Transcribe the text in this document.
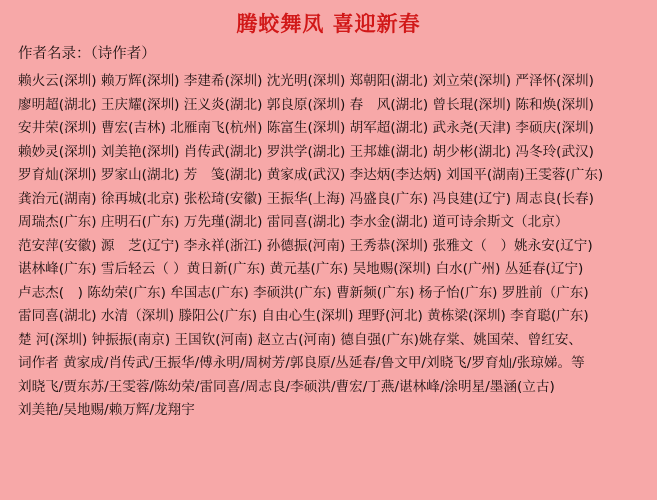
腾蛟舞凤 喜迎新春
作者名录：（诗作者）
赖火云(深圳) 赖万辉(深圳) 李建希(深圳) 沈光明(深圳) 郑朝阳(湖北) 刘立荣(深圳) 严泽怀(深圳)
廖明超(湖北) 王庆耀(深圳) 汪义炎(湖北) 郭良原(深圳) 春　风(湖北) 曾长琨(深圳) 陈和焕(深圳)
安井荣(深圳) 曹宏(吉林) 北雁南飞(杭州) 陈富生(深圳) 胡军超(湖北) 武永尧(天津) 李硕庆(深圳)
赖妙灵(深圳) 刘美艳(深圳) 肖传武(湖北) 罗洪学(湖北) 王邦雄(湖北) 胡少彬(湖北) 冯冬玲(武汉)
罗育灿(深圳) 罗家山(湖北) 芳　笺(湖北) 黄家成(武汉) 李达炳(李达炳) 刘国平(湖南)王雯蓉(广东)
龚治元(湖南) 徐再城(北京) 张松琦(安徽) 王振华(上海) 冯盛良(广东) 冯良建(辽宁) 周志良(长春)
周瑞杰(广东) 庄明石(广东) 万先瑾(湖北) 雷同喜(湖北) 李水金(湖北) 道可诗余斯文（北京）
范安萍(安徽) 源　芝(辽宁) 李永祥(浙江) 孙德振(河南) 王秀恭(深圳) 张雅文（　）姚永安(辽宁)
谌林峰(广东) 雪后轻云（ ）黄日新(广东) 黄元基(广东) 吴地赐(深圳) 白水(广州) 丛延春(辽宁)
卢志杰(　) 陈幼荣(广东) 牟国志(广东) 李硕洪(广东) 曹新频(广东) 杨子怡(广东) 罗胜前（广东)
雷同喜(湖北) 水清（深圳) 滕阳公(广东) 自由心生(深圳) 理野(河北) 黄栋梁(深圳) 李育聪(广东)
楚 河(深圳) 钟振振(南京) 王国钦(河南) 赵立古(河南) 德自强(广东)姚存棠、姚国荣、曾红安、
词作者 黄家成/肖传武/王振华/傅永明/周树芳/郭良原/丛延春/鲁文甲/刘晓飞/罗育灿/张琼娣。等
刘晓飞/贾东苏/王雯蓉/陈幼荣/雷同喜/周志良/李硕洪/曹宏/丁燕/谌林峰/涂明星/墨涵(立古)
刘美艳/吴地赐/赖万辉/龙翔宇
